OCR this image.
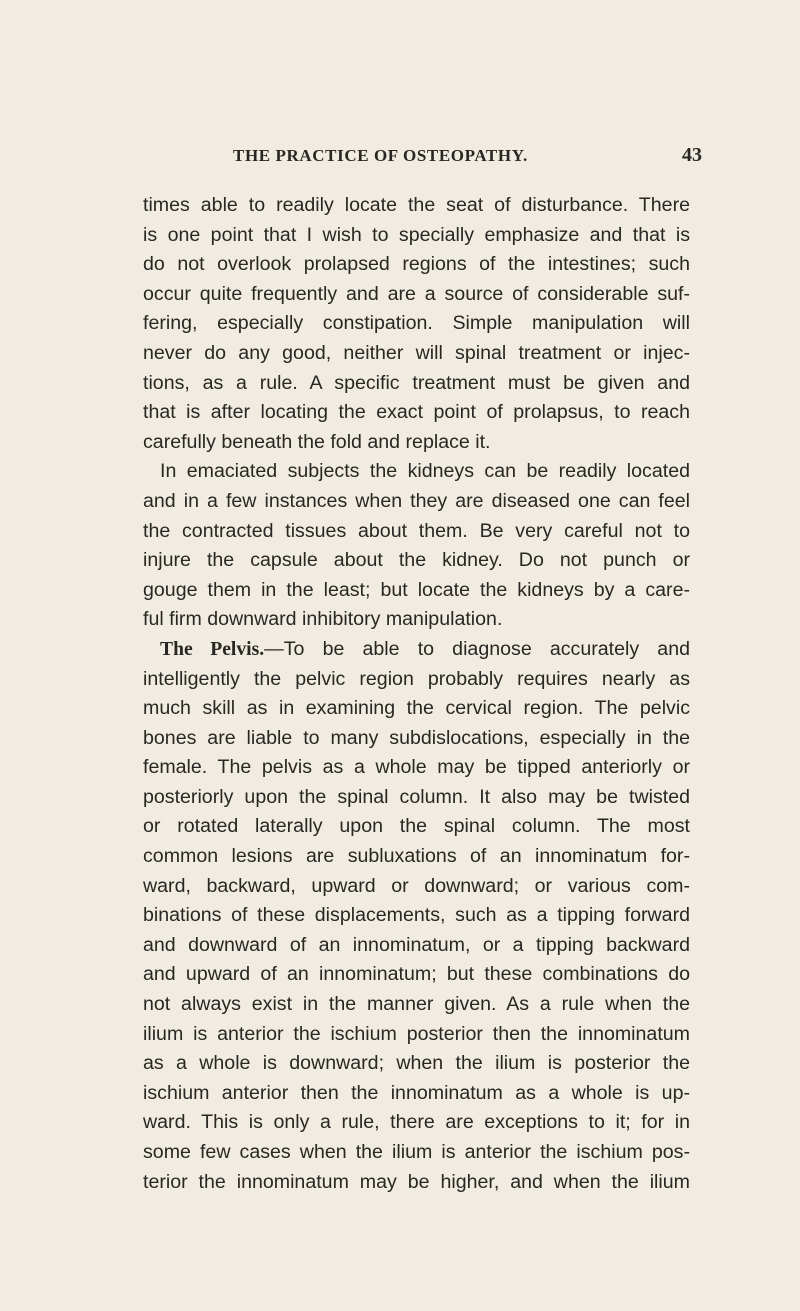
THE PRACTICE OF OSTEOPATHY.	43
times able to readily locate the seat of disturbance. There
is one point that I wish to specially emphasize and that is
do not overlook prolapsed regions of the intestines; such
occur quite frequently and are a source of considerable suf-
fering, especially constipation. Simple manipulation will
never do any good, neither will spinal treatment or injec-
tions, as a rule. A specific treatment must be given and
that is after locating the exact point of prolapsus, to reach
carefully beneath the fold and replace it.
In emaciated subjects the kidneys can be readily located
and in a few instances when they are diseased one can feel
the contracted tissues about them. Be very careful not to
injure the capsule about the kidney. Do not punch or
gouge them in the least; but locate the kidneys by a care-
ful firm downward inhibitory manipulation.
The Pelvis.—To be able to diagnose accurately and
intelligently the pelvic region probably requires nearly as
much skill as in examining the cervical region. The pelvic
bones are liable to many subdislocations, especially in the
female. The pelvis as a whole may be tipped anteriorly or
posteriorly upon the spinal column. It also may be twisted
or rotated laterally upon the spinal column. The most
common lesions are subluxations of an innominatum for-
ward, backward, upward or downward; or various com-
binations of these displacements, such as a tipping forward
and downward of an innominatum, or a tipping backward
and upward of an innominatum; but these combinations do
not always exist in the manner given. As a rule when the
ilium is anterior the ischium posterior then the innominatum
as a whole is downward; when the ilium is posterior the
ischium anterior then the innominatum as a whole is up-
ward. This is only a rule, there are exceptions to it; for in
some few cases when the ilium is anterior the ischium pos-
terior the innominatum may be higher, and when the ilium
